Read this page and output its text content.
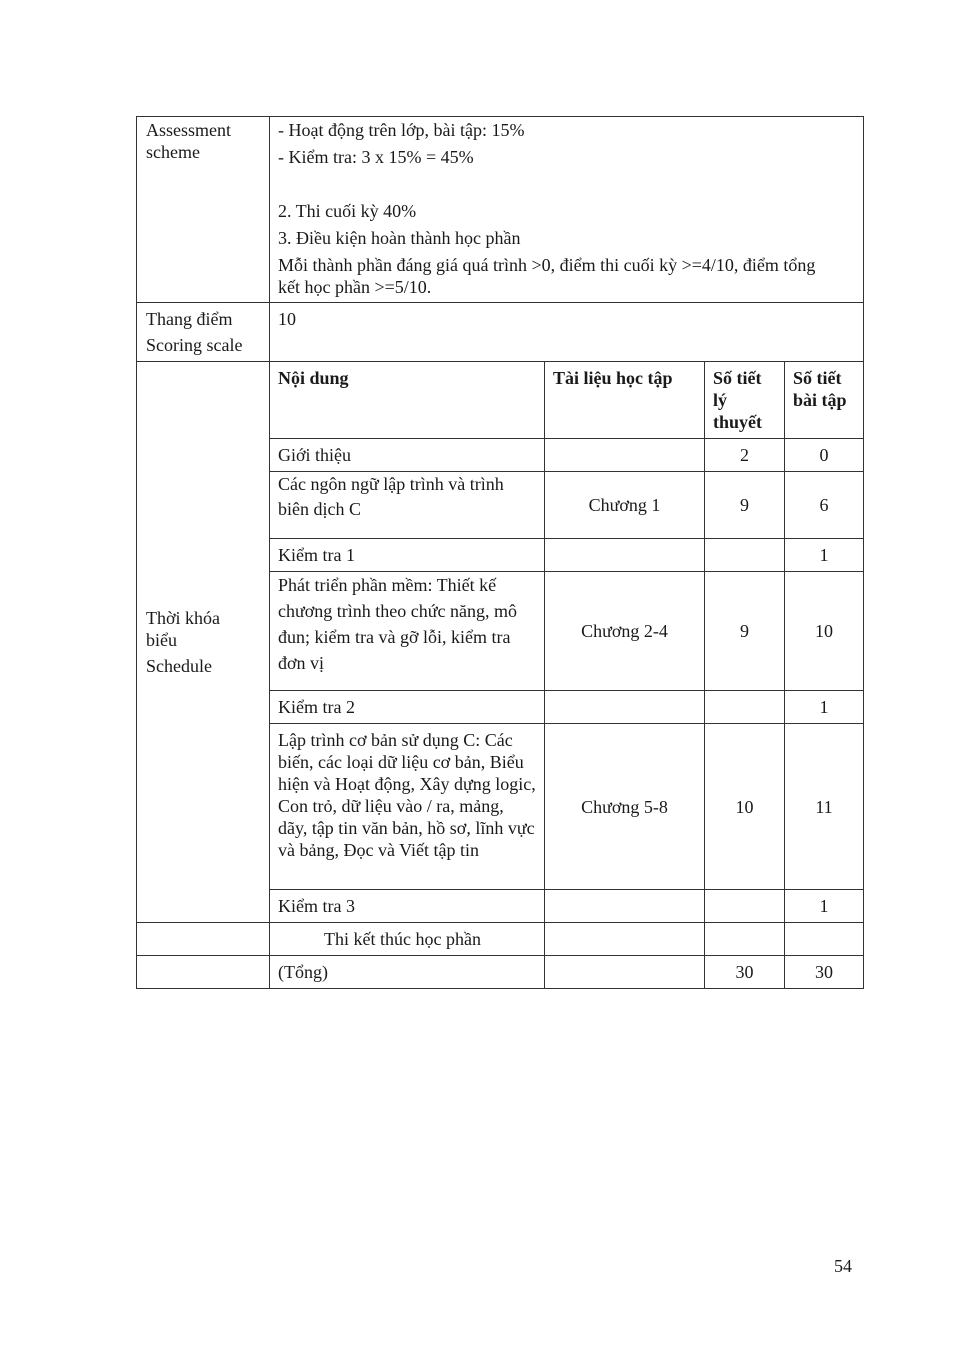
Assessment
scheme	- Hoạt động trên lớp, bài tập: 15%
- Kiểm tra: 3 x 15% = 45%
2. Thi cuối kỳ 40%
3. Điều kiện hoàn thành học phần
Mỗi thành phần đáng giá quá trình >0, điểm thi cuối kỳ >=4/10, điểm tổng kết học phần >=5/10.			

Thang điểm
Scoring scale	10			

Thời khóa
biểu
Schedule	Nội dung	Tài liệu học tập	Số tiết
lý
thuyết	Số tiết
bài tập

	Giới thiệu		2	0
	Các ngôn ngữ lập trình và trình biên dịch C	Chương 1	9	6
	Kiểm tra 1			1
	Phát triển phần mềm: Thiết kế chương trình theo chức năng, mô đun; kiểm tra và gỡ lỗi, kiểm tra đơn vị	Chương 2-4	9	10
	Kiểm tra 2			1
	Lập trình cơ bản sử dụng C: Các biến, các loại dữ liệu cơ bản, Biểu hiện và Hoạt động, Xây dựng logic, Con trỏ, dữ liệu vào / ra, mảng, dãy, tập tin văn bản, hồ sơ, lĩnh vực và bảng, Đọc và Viết tập tin	Chương 5-8	10	11
	Kiểm tra 3			1
	Thi kết thúc học phần			
	(Tổng)		30	30
54
